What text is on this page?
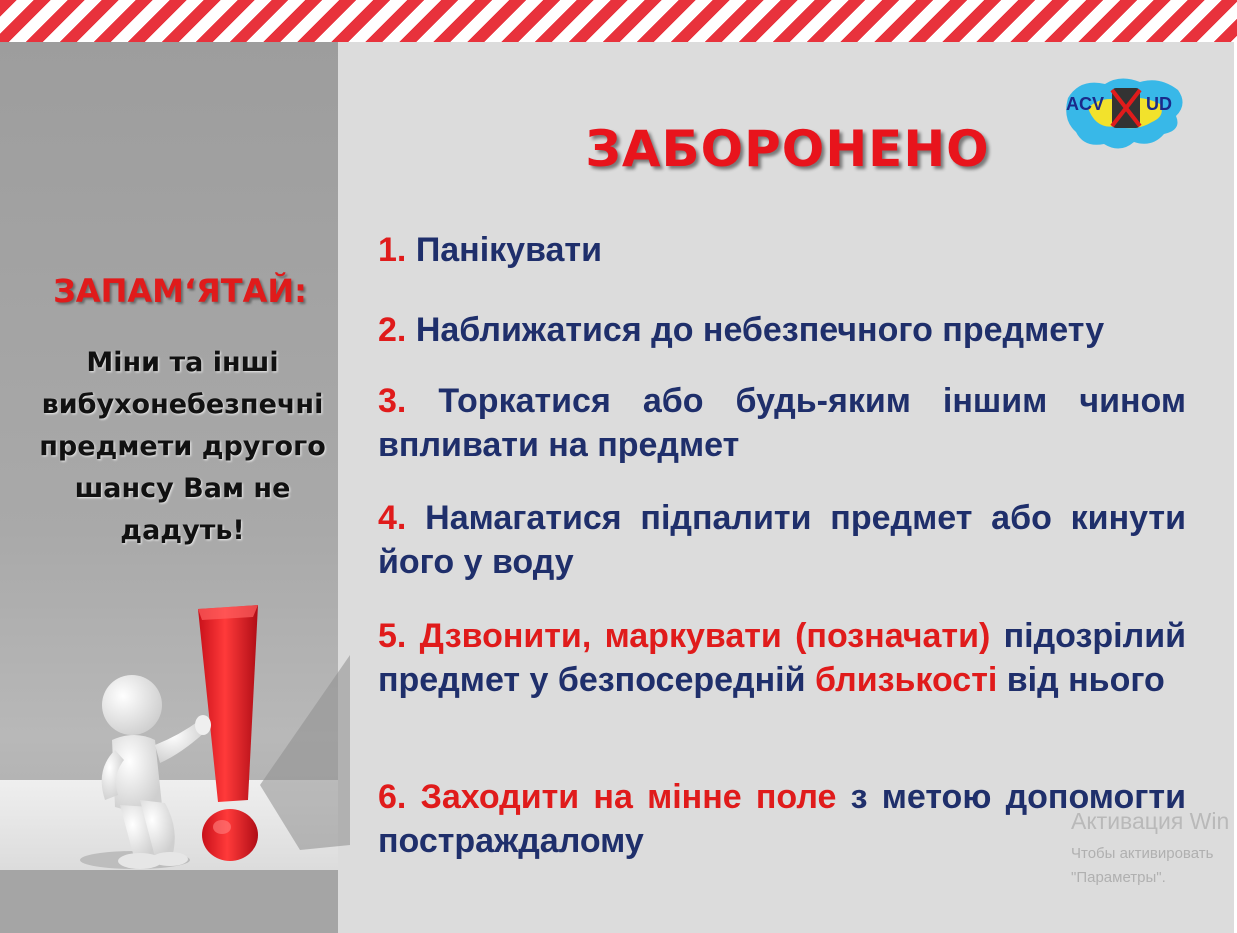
ЗАПАМ‘ЯТАЙ:
Міни та інші вибухонебезпечні предмети другого шансу Вам не дадуть!
ACV UD
ЗАБОРОНЕНО
1. Панікувати
2. Наближатися до небезпечного предмету
3. Торкатися або будь-яким іншим чином впливати на предмет
4. Намагатися підпалити предмет або кинути його у воду
5. Дзвонити, маркувати (позначати) підозрілий предмет у безпосередній близькості від нього
6. Заходити на мінне поле з метою допомогти постраждалому
Активация Win
Чтобы активировать
"Параметры".
